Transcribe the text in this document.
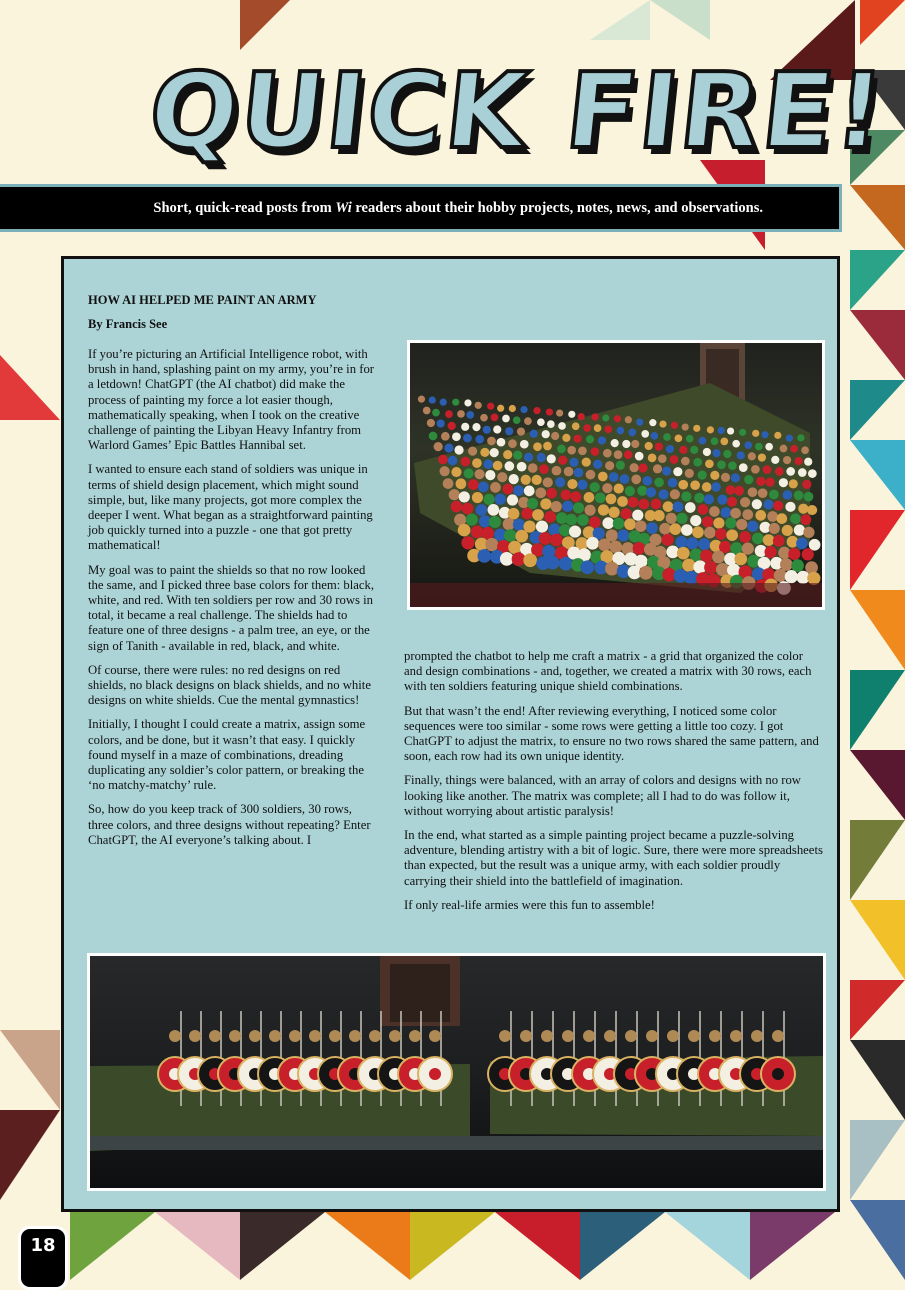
QUICK FIRE!
Short, quick-read posts from Wi readers about their hobby projects, notes, news, and observations.
HOW AI HELPED ME PAINT AN ARMY

By Francis See

If you’re picturing an Artificial Intelligence robot, with brush in hand, splashing paint on my army, you’re in for a letdown! ChatGPT (the AI chatbot) did make the process of painting my force a lot easier though, mathematically speaking, when I took on the creative challenge of painting the Libyan Heavy Infantry from Warlord Games’ Epic Battles Hannibal set.

I wanted to ensure each stand of soldiers was unique in terms of shield design placement, which might sound simple, but, like many projects, got more complex the deeper I went. What began as a straightforward painting job quickly turned into a puzzle - one that got pretty mathematical!

My goal was to paint the shields so that no row looked the same, and I picked three base colors for them: black, white, and red. With ten soldiers per row and 30 rows in total, it became a real challenge. The shields had to feature one of three designs - a palm tree, an eye, or the sign of Tanith - available in red, black, and white.

Of course, there were rules: no red designs on red shields, no black designs on black shields, and no white designs on white shields. Cue the mental gymnastics!

Initially, I thought I could create a matrix, assign some colors, and be done, but it wasn’t that easy. I quickly found myself in a maze of combinations, dreading duplicating any soldier’s color pattern, or breaking the ‘no matchy-matchy’ rule.

So, how do you keep track of 300 soldiers, 30 rows, three colors, and three designs without repeating? Enter ChatGPT, the AI everyone’s talking about. I

prompted the chatbot to help me craft a matrix - a grid that organized the color and design combinations - and, together, we created a matrix with 30 rows, each with ten soldiers featuring unique shield combinations.

But that wasn’t the end! After reviewing everything, I noticed some color sequences were too similar - some rows were getting a little too cozy. I got ChatGPT to adjust the matrix, to ensure no two rows shared the same pattern, and soon, each row had its own unique identity.

Finally, things were balanced, with an array of colors and designs with no row looking like another. The matrix was complete; all I had to do was follow it, without worrying about artistic paralysis!

In the end, what started as a simple painting project became a puzzle-solving adventure, blending artistry with a bit of logic. Sure, there were more spreadsheets than expected, but the result was a unique army, with each soldier proudly carrying their shield into the battlefield of imagination.

If only real-life armies were this fun to assemble!

18
